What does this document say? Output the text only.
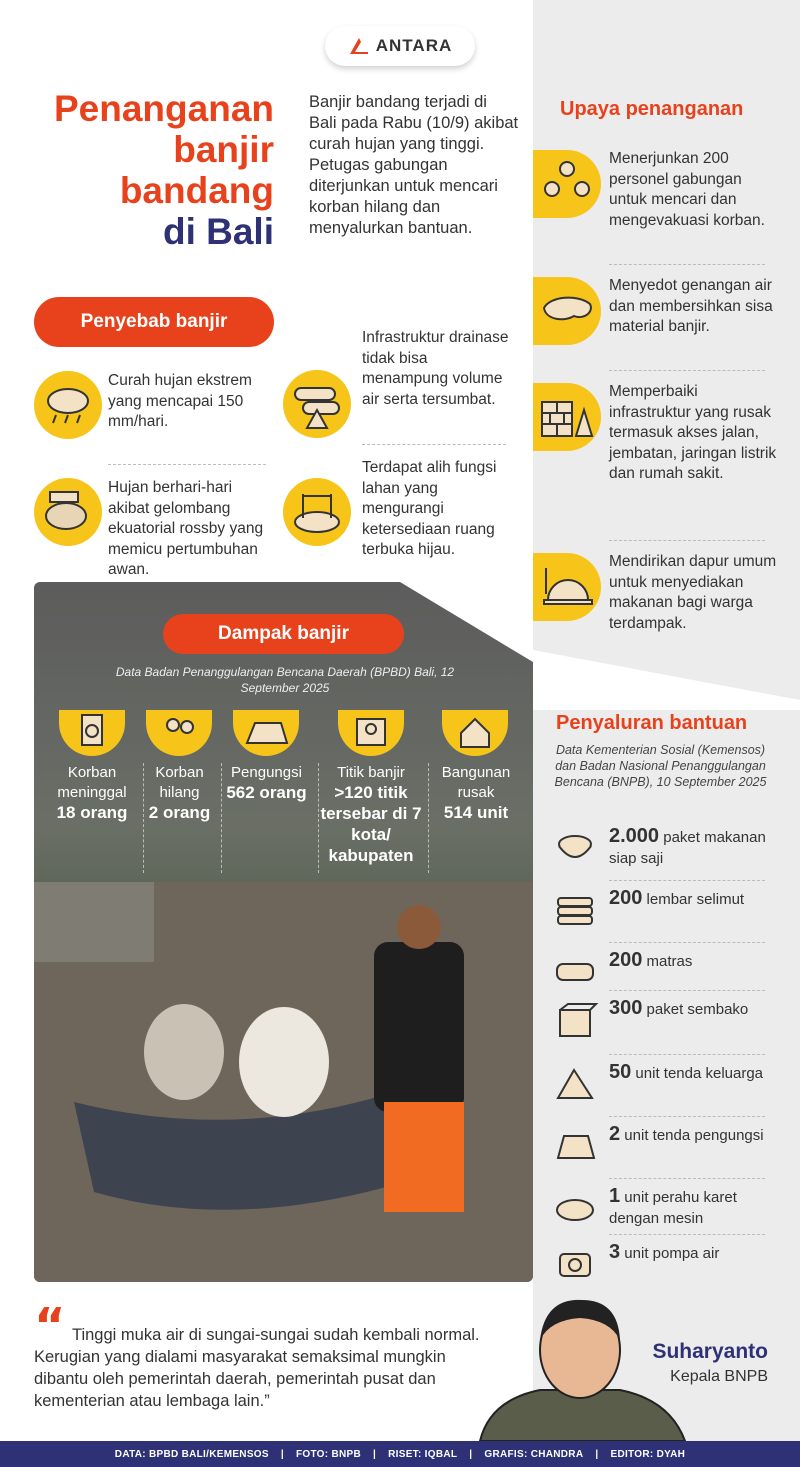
ANTARA
Penanganan
banjir
bandang
di Bali
Banjir bandang terjadi di Bali pada Rabu (10/9) akibat curah hujan yang tinggi. Petugas gabungan diterjunkan untuk mencari korban hilang dan menyalurkan bantuan.
Penyebab banjir
Curah hujan ekstrem yang mencapai 150 mm/hari.
Hujan berhari-hari akibat gelombang ekuatorial rossby yang memicu pertumbuhan awan.
Infrastruktur drainase tidak bisa menampung volume air serta tersumbat.
Terdapat alih fungsi lahan yang mengurangi ketersediaan ruang terbuka hijau.
Upaya penanganan
Menerjunkan 200 personel gabungan untuk mencari dan mengevakuasi korban.
Menyedot genangan air dan membersihkan sisa material banjir.
Memperbaiki infrastruktur yang rusak termasuk akses jalan, jembatan, jaringan listrik dan rumah sakit.
Mendirikan dapur umum untuk menyediakan makanan bagi warga terdampak.
Dampak banjir
Data Badan Penanggulangan Bencana Daerah (BPBD) Bali, 12 September 2025
Korban meninggal
18 orang
Korban hilang
2 orang
Pengungsi
562 orang
Titik banjir
>120 titik tersebar di 7 kota/ kabupaten
Bangunan rusak
514 unit
Penyaluran bantuan
Data Kementerian Sosial (Kemensos) dan Badan Nasional Penanggulangan Bencana (BNPB), 10 September 2025
2.000 paket makanan siap saji
200 lembar selimut
200 matras
300 paket sembako
50 unit tenda keluarga
2 unit tenda pengungsi
1 unit perahu karet dengan mesin
3 unit pompa air
“ Tinggi muka air di sungai-sungai sudah kembali normal. Kerugian yang dialami masyarakat semaksimal mungkin dibantu oleh pemerintah daerah, pemerintah pusat dan kementerian atau lembaga lain.”
Suharyanto
Kepala BNPB
DATA: BPBD BALI/KEMENSOS | FOTO: BNPB | RISET: IQBAL | GRAFIS: CHANDRA | EDITOR: DYAH
